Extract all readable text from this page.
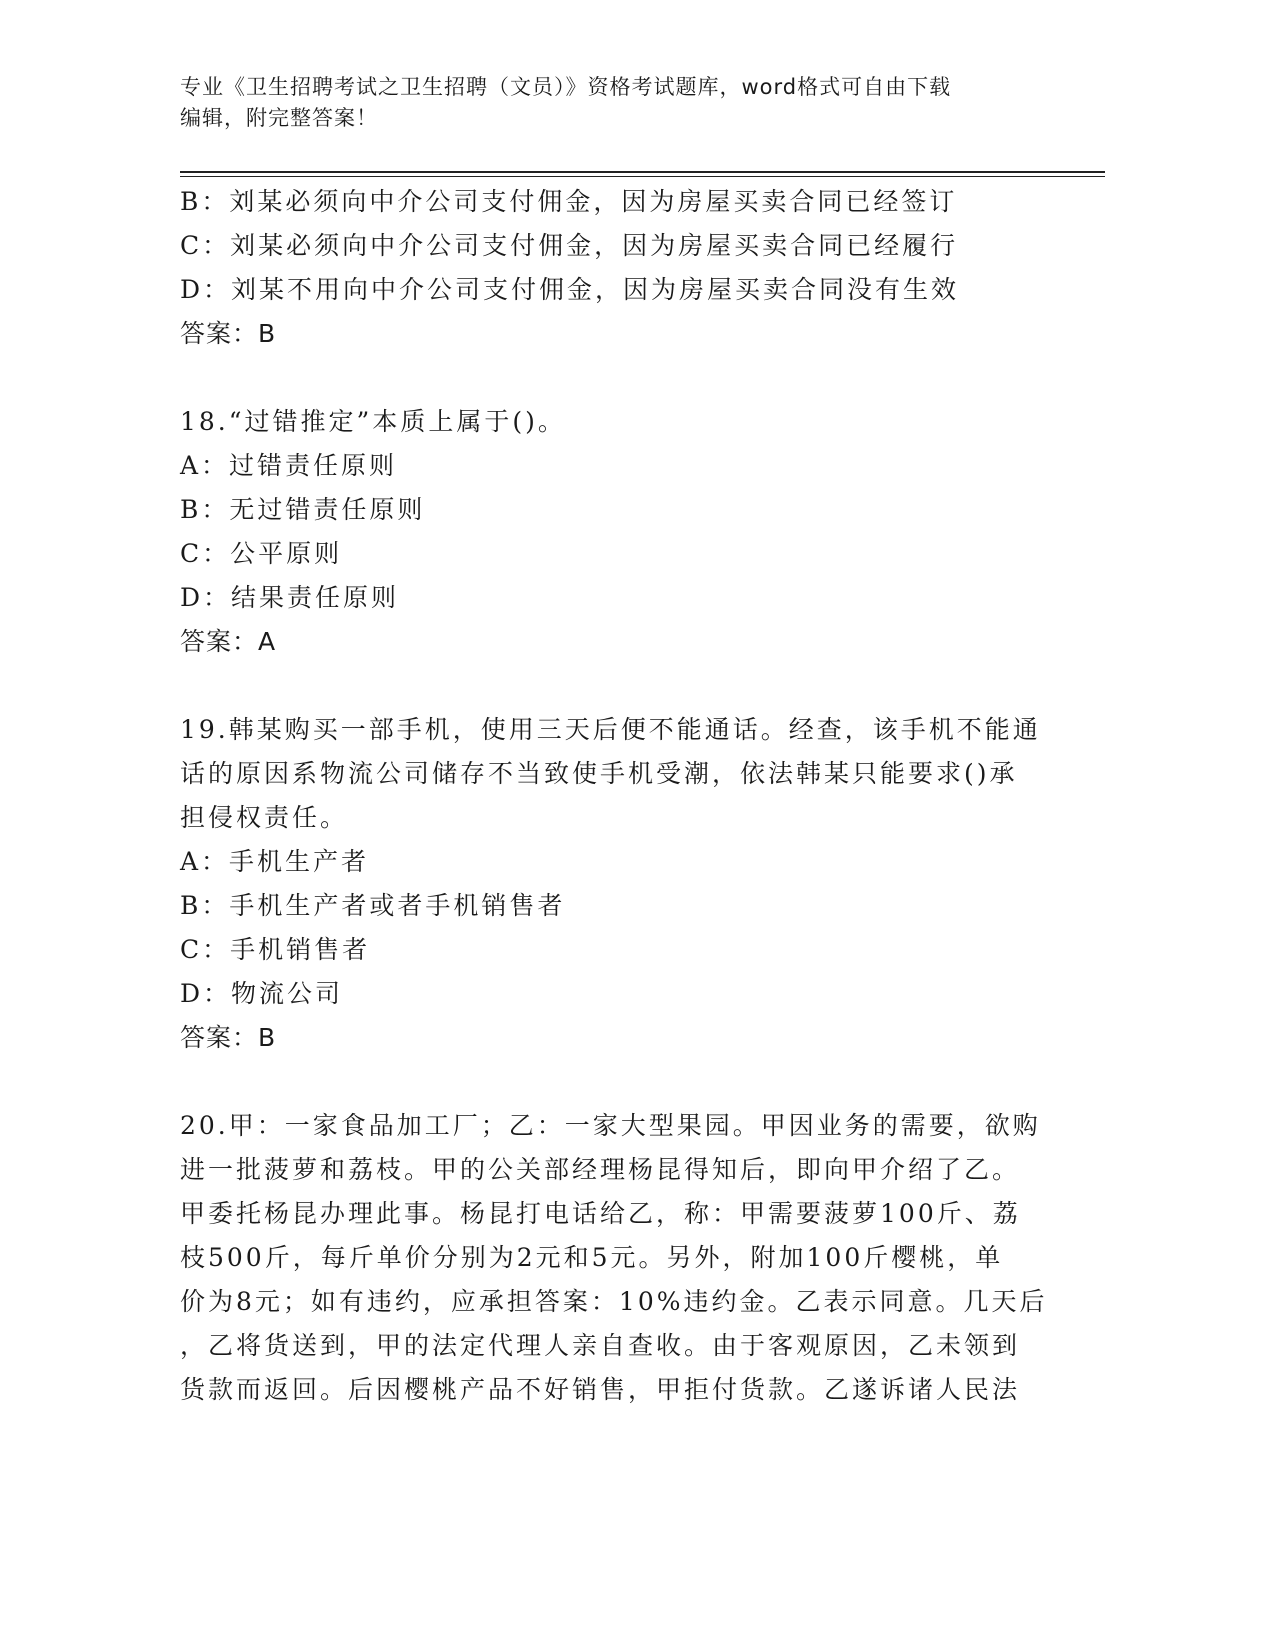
专业《卫生招聘考试之卫生招聘（文员）》资格考试题库，word格式可自由下载
编辑，附完整答案！
B：刘某必须向中介公司支付佣金，因为房屋买卖合同已经签订
C：刘某必须向中介公司支付佣金，因为房屋买卖合同已经履行
D：刘某不用向中介公司支付佣金，因为房屋买卖合同没有生效
答案：B
18.“过错推定”本质上属于()。
A：过错责任原则
B：无过错责任原则
C：公平原则
D：结果责任原则
答案：A
19.韩某购买一部手机，使用三天后便不能通话。经查，该手机不能通
话的原因系物流公司储存不当致使手机受潮，依法韩某只能要求()承
担侵权责任。
A：手机生产者
B：手机生产者或者手机销售者
C：手机销售者
D：物流公司
答案：B
20.甲：一家食品加工厂；乙：一家大型果园。甲因业务的需要，欲购
进一批菠萝和荔枝。甲的公关部经理杨昆得知后，即向甲介绍了乙。
甲委托杨昆办理此事。杨昆打电话给乙，称：甲需要菠萝100斤、荔
枝500斤，每斤单价分别为2元和5元。另外，附加100斤樱桃，单
价为8元；如有违约，应承担答案：10%违约金。乙表示同意。几天后
，乙将货送到，甲的法定代理人亲自查收。由于客观原因，乙未领到
货款而返回。后因樱桃产品不好销售，甲拒付货款。乙遂诉诸人民法
